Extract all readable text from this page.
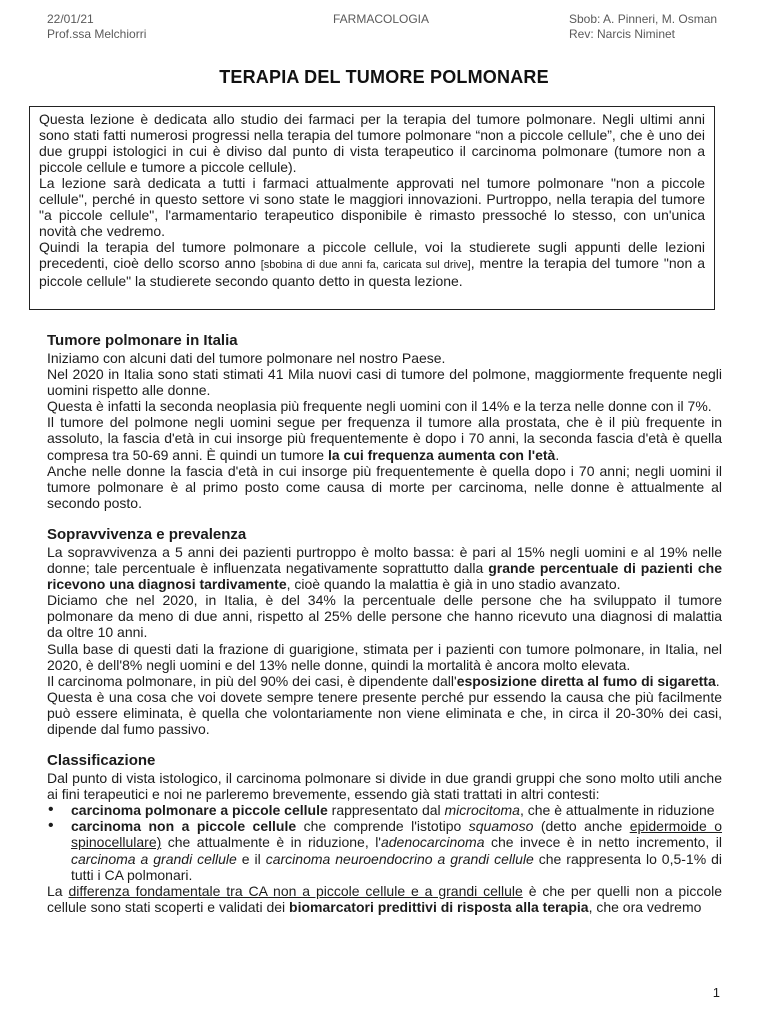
22/01/21
Prof.ssa Melchiorri
FARMACOLOGIA	Sbob: A. Pinneri, M. Osman
Rev: Narcis Niminet
TERAPIA DEL TUMORE POLMONARE

Questa lezione è dedicata allo studio dei farmaci per la terapia del tumore polmonare. Negli ultimi anni sono stati fatti numerosi progressi nella terapia del tumore polmonare “non a piccole cellule”, che è uno dei due gruppi istologici in cui è diviso dal punto di vista terapeutico il carcinoma polmonare (tumore non a piccole cellule e tumore a piccole cellule).

La lezione sarà dedicata a tutti i farmaci attualmente approvati nel tumore polmonare "non a piccole cellule", perché in questo settore vi sono state le maggiori innovazioni. Purtroppo, nella terapia del tumore "a piccole cellule", l'armamentario terapeutico disponibile è rimasto pressoché lo stesso, con un'unica novità che vedremo.

Quindi la terapia del tumore polmonare a piccole cellule, voi la studierete sugli appunti delle lezioni precedenti, cioè dello scorso anno [sbobina di due anni fa, caricata sul drive], mentre la terapia del tumore "non a piccole cellule" la studierete secondo quanto detto in questa lezione.

Tumore polmonare in Italia

Iniziamo con alcuni dati del tumore polmonare nel nostro Paese.

Nel 2020 in Italia sono stati stimati 41 Mila nuovi casi di tumore del polmone, maggiormente frequente negli uomini rispetto alle donne.

Questa è infatti la seconda neoplasia più frequente negli uomini con il 14% e la terza nelle donne con il 7%.

Il tumore del polmone negli uomini segue per frequenza il tumore alla prostata, che è il più frequente in assoluto, la fascia d'età in cui insorge più frequentemente è dopo i 70 anni, la seconda fascia d'età è quella compresa tra 50-69 anni. È quindi un tumore la cui frequenza aumenta con l'età.

Anche nelle donne la fascia d'età in cui insorge più frequentemente è quella dopo i 70 anni; negli uomini il tumore polmonare è al primo posto come causa di morte per carcinoma, nelle donne è attualmente al secondo posto.

Sopravvivenza e prevalenza

La sopravvivenza a 5 anni dei pazienti purtroppo è molto bassa: è pari al 15% negli uomini e al 19% nelle donne; tale percentuale è influenzata negativamente soprattutto dalla grande percentuale di pazienti che ricevono una diagnosi tardivamente, cioè quando la malattia è già in uno stadio avanzato.

Diciamo che nel 2020, in Italia, è del 34% la percentuale delle persone che ha sviluppato il tumore polmonare da meno di due anni, rispetto al 25% delle persone che hanno ricevuto una diagnosi di malattia da oltre 10 anni.

Sulla base di questi dati la frazione di guarigione, stimata per i pazienti con tumore polmonare, in Italia, nel 2020, è dell'8% negli uomini e del 13% nelle donne, quindi la mortalità è ancora molto elevata.

Il carcinoma polmonare, in più del 90% dei casi, è dipendente dall'esposizione diretta al fumo di sigaretta.

Questa è una cosa che voi dovete sempre tenere presente perché pur essendo la causa che più facilmente può essere eliminata, è quella che volontariamente non viene eliminata e che, in circa il 20-30% dei casi, dipende dal fumo passivo.

Classificazione

Dal punto di vista istologico, il carcinoma polmonare si divide in due grandi gruppi che sono molto utili anche ai fini terapeutici e noi ne parleremo brevemente, essendo già stati trattati in altri contesti:

• carcinoma polmonare a piccole cellule rappresentato dal microcitoma, che è attualmente in riduzione
• carcinoma non a piccole cellule che comprende l'istotipo squamoso (detto anche epidermoide o spinocellulare) che attualmente è in riduzione, l'adenocarcinoma che invece è in netto incremento, il carcinoma a grandi cellule e il carcinoma neuroendocrino a grandi cellule che rappresenta lo 0,5-1% di tutti i CA polmonari.

La differenza fondamentale tra CA non a piccole cellule e a grandi cellule è che per quelli non a piccole cellule sono stati scoperti e validati dei biomarcatori predittivi di risposta alla terapia, che ora vedremo

1
